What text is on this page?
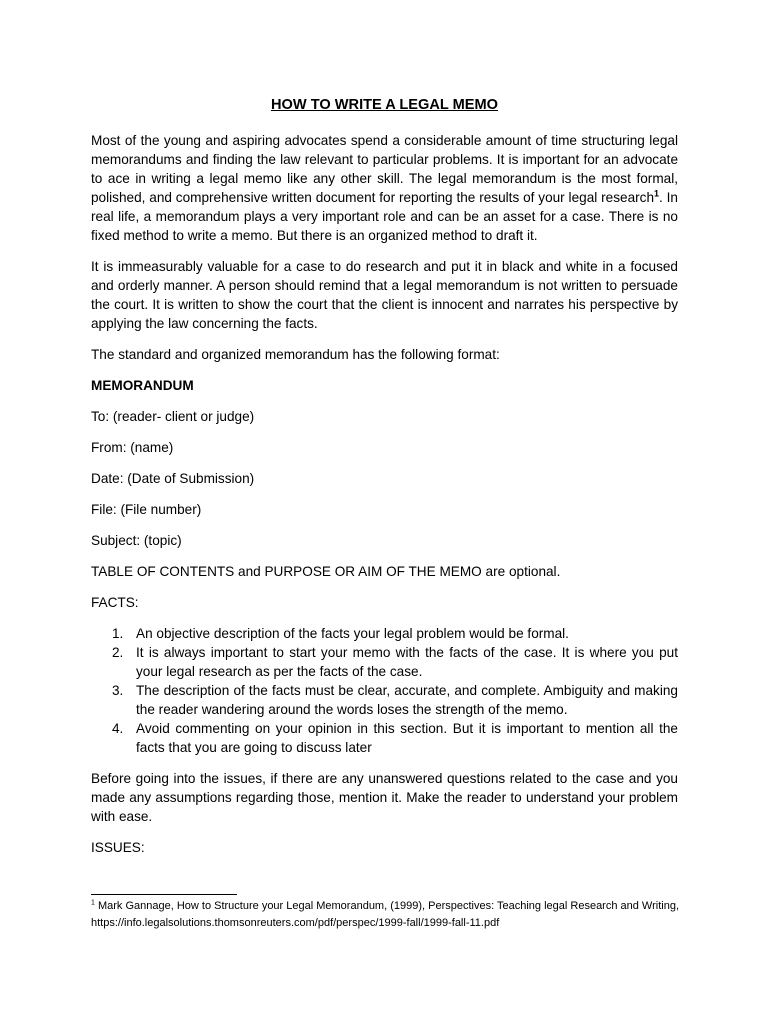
HOW TO WRITE A LEGAL MEMO

Most of the young and aspiring advocates spend a considerable amount of time structuring legal memorandums and finding the law relevant to particular problems. It is important for an advocate to ace in writing a legal memo like any other skill. The legal memorandum is the most formal, polished, and comprehensive written document for reporting the results of your legal research$^1$. In real life, a memorandum plays a very important role and can be an asset for a case. There is no fixed method to write a memo. But there is an organized method to draft it.

It is immeasurably valuable for a case to do research and put it in black and white in a focused and orderly manner. A person should remind that a legal memorandum is not written to persuade the court. It is written to show the court that the client is innocent and narrates his perspective by applying the law concerning the facts.

The standard and organized memorandum has the following format:

MEMORANDUM

To: (reader- client or judge)

From: (name)

Date: (Date of Submission)

File: (File number)

Subject: (topic)

TABLE OF CONTENTS and PURPOSE OR AIM OF THE MEMO are optional.

FACTS:

1. An objective description of the facts your legal problem would be formal.
2. It is always important to start your memo with the facts of the case. It is where you put your legal research as per the facts of the case.
3. The description of the facts must be clear, accurate, and complete. Ambiguity and making the reader wandering around the words loses the strength of the memo.
4. Avoid commenting on your opinion in this section. But it is important to mention all the facts that you are going to discuss later

Before going into the issues, if there are any unanswered questions related to the case and you made any assumptions regarding those, mention it. Make the reader to understand your problem with ease.

ISSUES:

$^1$ Mark Gannage, How to Structure your Legal Memorandum, (1999), Perspectives: Teaching legal Research and Writing, https://info.legalsolutions.thomsonreuters.com/pdf/perspec/1999-fall/1999-fall-11.pdf
